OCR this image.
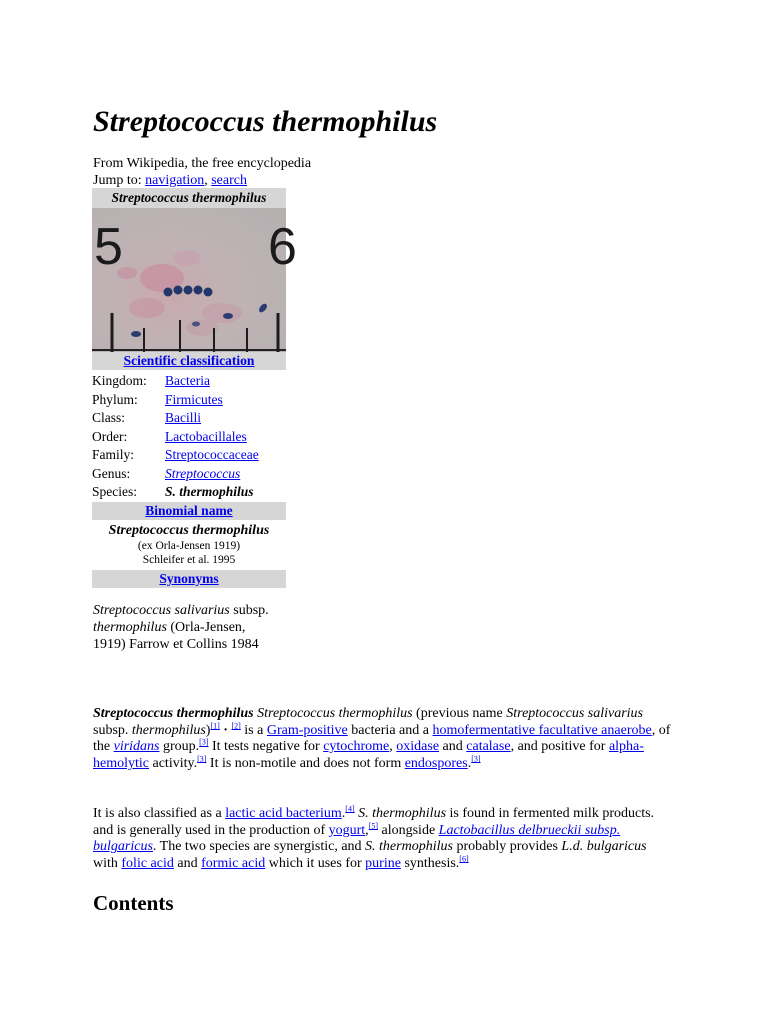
Streptococcus thermophilus
From Wikipedia, the free encyclopedia
Jump to: navigation, search
Streptococcus thermophilus
5	6
Scientific classification
Kingdom:	Bacteria
Phylum:	Firmicutes
Class:	Bacilli
Order:	Lactobacillales
Family:	Streptococcaceae
Genus:	Streptococcus
Species:	S. thermophilus
Binomial name
Streptococcus thermophilus
(ex Orla-Jensen 1919)
Schleifer et al. 1995
Synonyms
Streptococcus salivarius subsp. thermophilus (Orla-Jensen, 1919) Farrow et Collins 1984

Streptococcus thermophilus Streptococcus thermophilus (previous name Streptococcus salivarius subsp. thermophilus)[1] · [2] is a Gram-positive bacteria and a homofermentative facultative anaerobe, of the viridans group.[3] It tests negative for cytochrome, oxidase and catalase, and positive for alpha-hemolytic activity.[3] It is non-motile and does not form endospores.[3]

It is also classified as a lactic acid bacterium.[4] S. thermophilus is found in fermented milk products. and is generally used in the production of yogurt,[5] alongside Lactobacillus delbrueckii subsp. bulgaricus. The two species are synergistic, and S. thermophilus probably provides L.d. bulgaricus with folic acid and formic acid which it uses for purine synthesis.[6]

Contents
